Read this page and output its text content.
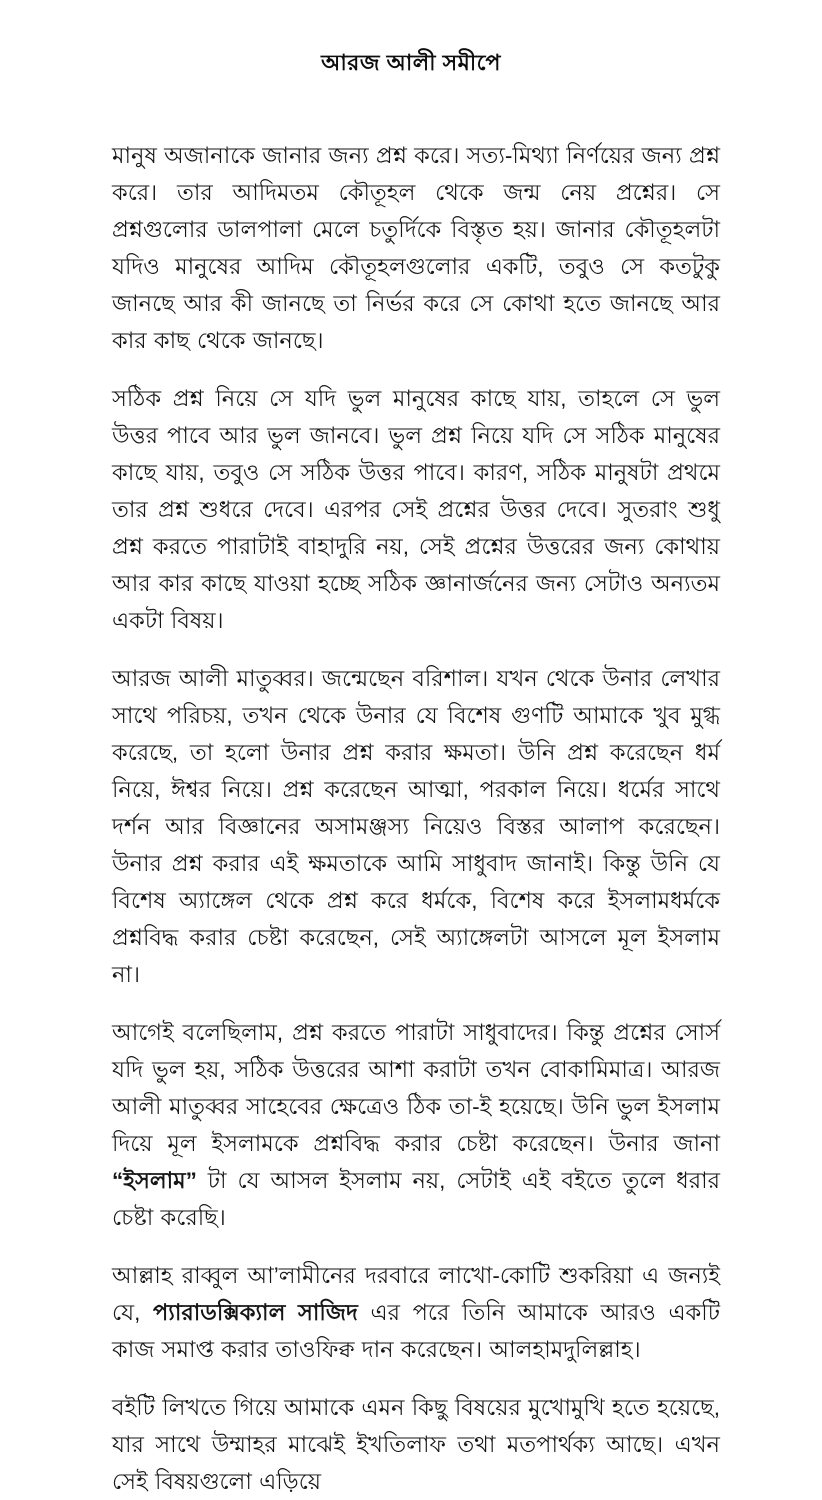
আরজ আলী সমীপে

মানুষ অজানাকে জানার জন্য প্রশ্ন করে। সত্য-মিথ্যা নির্ণয়ের জন্য প্রশ্ন করে। তার আদিমতম কৌতূহল থেকে জন্ম নেয় প্রশ্নের। সে প্রশ্নগুলোর ডালপালা মেলে চতুর্দিকে বিস্তৃত হয়। জানার কৌতূহলটা যদিও মানুষের আদিম কৌতূহলগুলোর একটি, তবুও সে কতটুকু জানছে আর কী জানছে তা নির্ভর করে সে কোথা হতে জানছে আর কার কাছ থেকে জানছে।

সঠিক প্রশ্ন নিয়ে সে যদি ভুল মানুষের কাছে যায়, তাহলে সে ভুল উত্তর পাবে আর ভুল জানবে। ভুল প্রশ্ন নিয়ে যদি সে সঠিক মানুষের কাছে যায়, তবুও সে সঠিক উত্তর পাবে। কারণ, সঠিক মানুষটা প্রথমে তার প্রশ্ন শুধরে দেবে। এরপর সেই প্রশ্নের উত্তর দেবে। সুতরাং শুধু প্রশ্ন করতে পারাটাই বাহাদুরি নয়, সেই প্রশ্নের উত্তরের জন্য কোথায় আর কার কাছে যাওয়া হচ্ছে সঠিক জ্ঞানার্জনের জন্য সেটাও অন্যতম একটা বিষয়।

আরজ আলী মাতুব্বর। জন্মেছেন বরিশাল। যখন থেকে উনার লেখার সাথে পরিচয়, তখন থেকে উনার যে বিশেষ গুণটি আমাকে খুব মুগ্ধ করেছে, তা হলো উনার প্রশ্ন করার ক্ষমতা। উনি প্রশ্ন করেছেন ধর্ম নিয়ে, ঈশ্বর নিয়ে। প্রশ্ন করেছেন আত্মা, পরকাল নিয়ে। ধর্মের সাথে দর্শন আর বিজ্ঞানের অসামঞ্জস্য নিয়েও বিস্তর আলাপ করেছেন। উনার প্রশ্ন করার এই ক্ষমতাকে আমি সাধুবাদ জানাই। কিন্তু উনি যে বিশেষ অ্যাঙ্গেল থেকে প্রশ্ন করে ধর্মকে, বিশেষ করে ইসলামধর্মকে প্রশ্নবিদ্ধ করার চেষ্টা করেছেন, সেই অ্যাঙ্গেলটা আসলে মূল ইসলাম না।

আগেই বলেছিলাম, প্রশ্ন করতে পারাটা সাধুবাদের। কিন্তু প্রশ্নের সোর্স যদি ভুল হয়, সঠিক উত্তরের আশা করাটা তখন বোকামিমাত্র। আরজ আলী মাতুব্বর সাহেবের ক্ষেত্রেও ঠিক তা-ই হয়েছে। উনি ভুল ইসলাম দিয়ে মূল ইসলামকে প্রশ্নবিদ্ধ করার চেষ্টা করেছেন। উনার জানা “ইসলাম” টা যে আসল ইসলাম নয়, সেটাই এই বইতে তুলে ধরার চেষ্টা করেছি।

আল্লাহ রাব্বুল আ’লামীনের দরবারে লাখো-কোটি শুকরিয়া এ জন্যই যে, প্যারাডক্সিক্যাল সাজিদ এর পরে তিনি আমাকে আরও একটি কাজ সমাপ্ত করার তাওফিক্ব দান করেছেন। আলহামদুলিল্লাহ।

বইটি লিখতে গিয়ে আমাকে এমন কিছু বিষয়ের মুখোমুখি হতে হয়েছে, যার সাথে উম্মাহর মাঝেই ইখতিলাফ তথা মতপার্থক্য আছে। এখন সেই বিষয়গুলো এড়িয়ে
